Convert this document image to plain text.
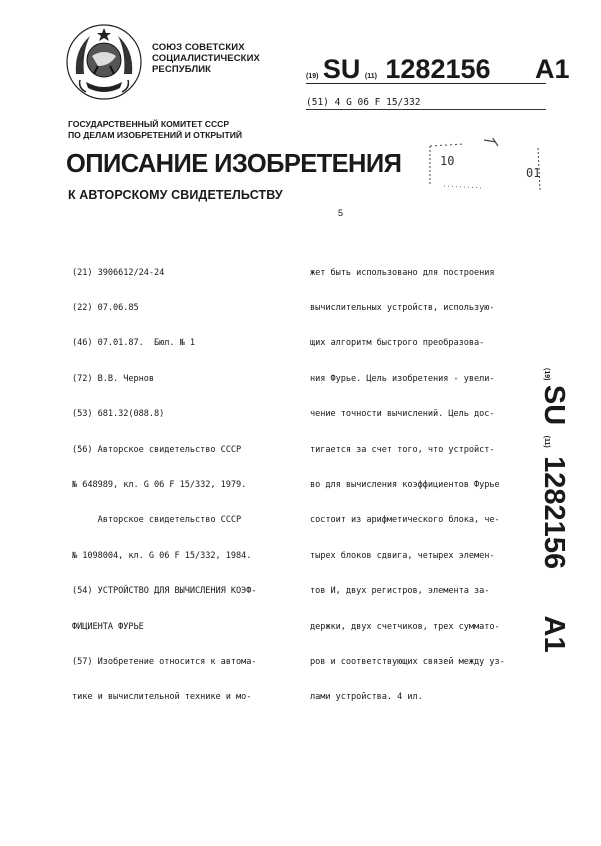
СОЮЗ СОВЕТСКИХ
СОЦИАЛИСТИЧЕСКИХ
РЕСПУБЛИК
(19) SU (11) 1282156 A1
(51) 4 G 06 F 15/332
ГОСУДАРСТВЕННЫЙ КОМИТЕТ СССР
ПО ДЕЛАМ ИЗОБРЕТЕНИЙ И ОТКРЫТИЙ
ОПИСАНИЕ ИЗОБРЕТЕНИЯ
К АВТОРСКОМУ СВИДЕТЕЛЬСТВУ
10
01
5

(21) 3906612/24-24

(22) 07.06.85

(46) 07.01.87.  Бюл. № 1

(72) В.В. Чернов

(53) 681.32(088.8)

(56) Авторское свидетельство СССР

№ 648989, кл. G 06 F 15/332, 1979.

Авторское свидетельство СССР

№ 1098004, кл. G 06 F 15/332, 1984.

(54) УСТРОЙСТВО ДЛЯ ВЫЧИСЛЕНИЯ КОЭФ-

ФИЦИЕНТА ФУРЬЕ

(57) Изобретение относится к автома-

тике и вычислительной технике и мо-

жет быть использовано для построения

вычислительных устройств, использую-

щих алгоритм быстрого преобразова-

ния Фурье. Цель изобретения - увели-

чение точности вычислений. Цель дос-

тигается за счет того, что устройст-

во для вычисления коэффициентов Фурье

состоит из арифметического блока, че-

тырех блоков сдвига, четырех элемен-

тов И, двух регистров, элемента за-

держки, двух счетчиков, трех суммато-

ров и соответствующих связей между уз-

лами устройства. 4 ил.

(19) SU (11) 1282156 A1
